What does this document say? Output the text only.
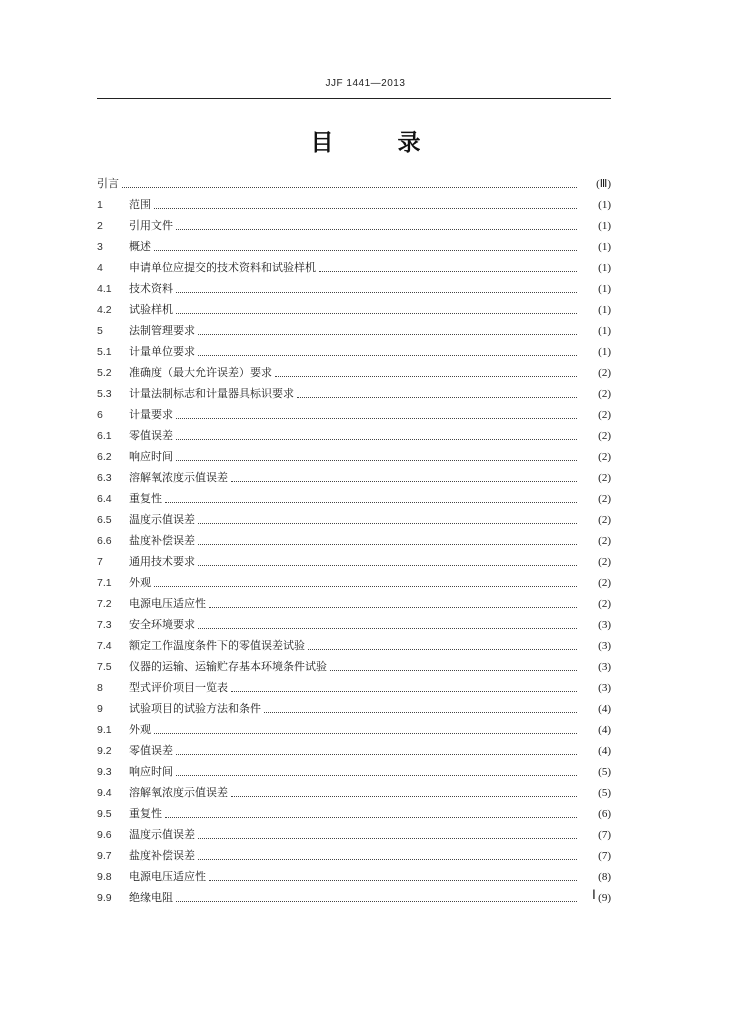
JJF 1441—2013
目 录
引言	(Ⅲ)
1	范围	(1)
2	引用文件	(1)
3	概述	(1)
4	申请单位应提交的技术资料和试验样机	(1)
4.1	技术资料	(1)
4.2	试验样机	(1)
5	法制管理要求	(1)
5.1	计量单位要求	(1)
5.2	准确度（最大允许误差）要求	(2)
5.3	计量法制标志和计量器具标识要求	(2)
6	计量要求	(2)
6.1	零值误差	(2)
6.2	响应时间	(2)
6.3	溶解氧浓度示值误差	(2)
6.4	重复性	(2)
6.5	温度示值误差	(2)
6.6	盐度补偿误差	(2)
7	通用技术要求	(2)
7.1	外观	(2)
7.2	电源电压适应性	(2)
7.3	安全环境要求	(3)
7.4	额定工作温度条件下的零值误差试验	(3)
7.5	仪器的运输、运输贮存基本环境条件试验	(3)
8	型式评价项目一览表	(3)
9	试验项目的试验方法和条件	(4)
9.1	外观	(4)
9.2	零值误差	(4)
9.3	响应时间	(5)
9.4	溶解氧浓度示值误差	(5)
9.5	重复性	(6)
9.6	温度示值误差	(7)
9.7	盐度补偿误差	(7)
9.8	电源电压适应性	(8)
9.9	绝缘电阻	(9)
Ⅰ
